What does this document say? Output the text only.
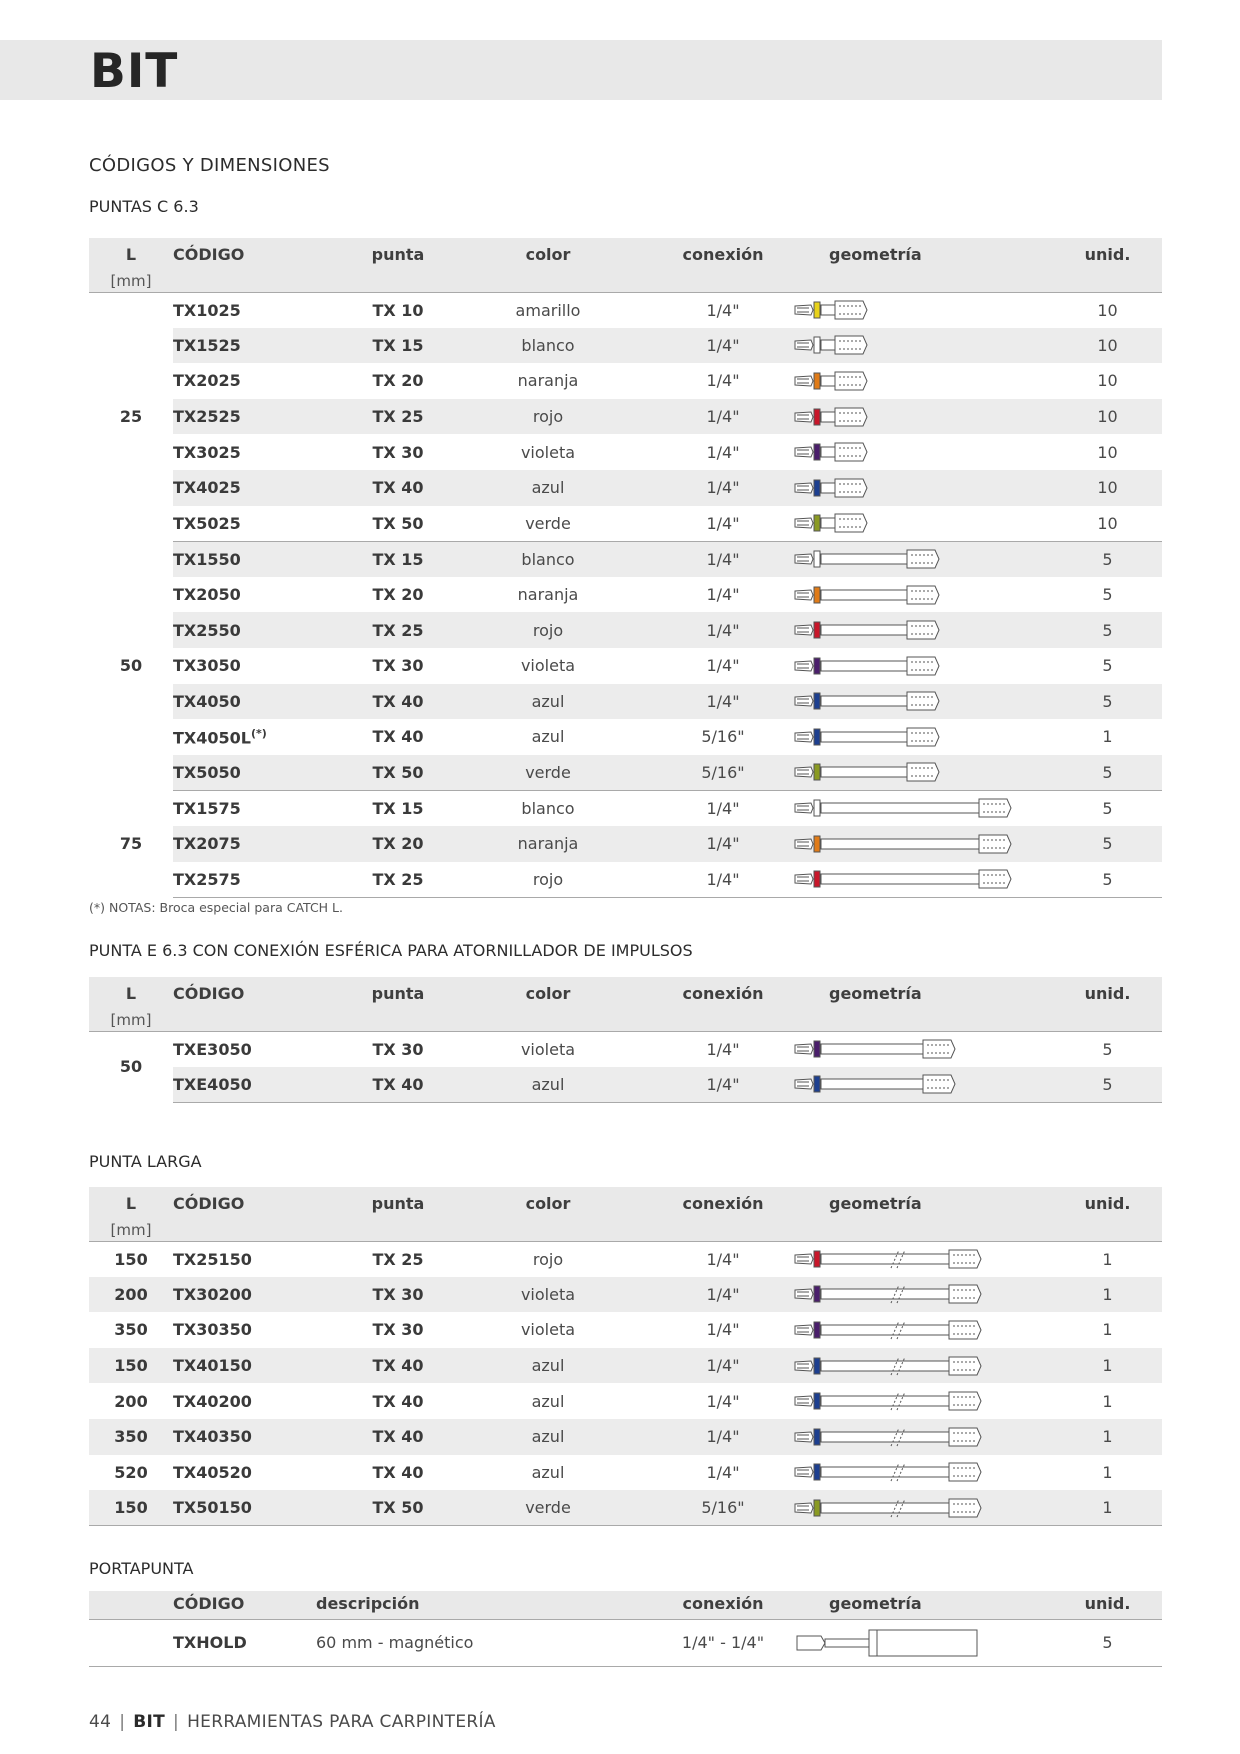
BIT
CÓDIGOS Y DIMENSIONES
PUNTAS C 6.3
L
[mm]	CÓDIGO	punta	color	conexión	geometría	unid.
25	TX1025	TX 10	amarillo	1/4"		10
	TX1525	TX 15	blanco	1/4"		10
	TX2025	TX 20	naranja	1/4"		10
	TX2525	TX 25	rojo	1/4"		10
	TX3025	TX 30	violeta	1/4"		10
	TX4025	TX 40	azul	1/4"		10
	TX5025	TX 50	verde	1/4"		10
50	TX1550	TX 15	blanco	1/4"		5
	TX2050	TX 20	naranja	1/4"		5
	TX2550	TX 25	rojo	1/4"		5
	TX3050	TX 30	violeta	1/4"		5
	TX4050	TX 40	azul	1/4"		5
	TX4050L(*)	TX 40	azul	5/16"		1
	TX5050	TX 50	verde	5/16"		5
75	TX1575	TX 15	blanco	1/4"		5
	TX2075	TX 20	naranja	1/4"		5
	TX2575	TX 25	rojo	1/4"		5
(*) NOTAS: Broca especial para CATCH L.
PUNTA E 6.3 CON CONEXIÓN ESFÉRICA PARA ATORNILLADOR DE IMPULSOS
L
[mm]	CÓDIGO	punta	color	conexión	geometría	unid.
50	TXE3050	TX 30	violeta	1/4"		5
	TXE4050	TX 40	azul	1/4"		5
PUNTA LARGA
L
[mm]	CÓDIGO	punta	color	conexión	geometría	unid.
150	TX25150	TX 25	rojo	1/4"		1
200	TX30200	TX 30	violeta	1/4"		1
350	TX30350	TX 30	violeta	1/4"		1
150	TX40150	TX 40	azul	1/4"		1
200	TX40200	TX 40	azul	1/4"		1
350	TX40350	TX 40	azul	1/4"		1
520	TX40520	TX 40	azul	1/4"		1
150	TX50150	TX 50	verde	5/16"		1
PORTAPUNTA
	CÓDIGO	descripción	conexión	geometría	unid.
	TXHOLD	60 mm - magnético	1/4" - 1/4"		5
44 | BIT | HERRAMIENTAS PARA CARPINTERÍA
